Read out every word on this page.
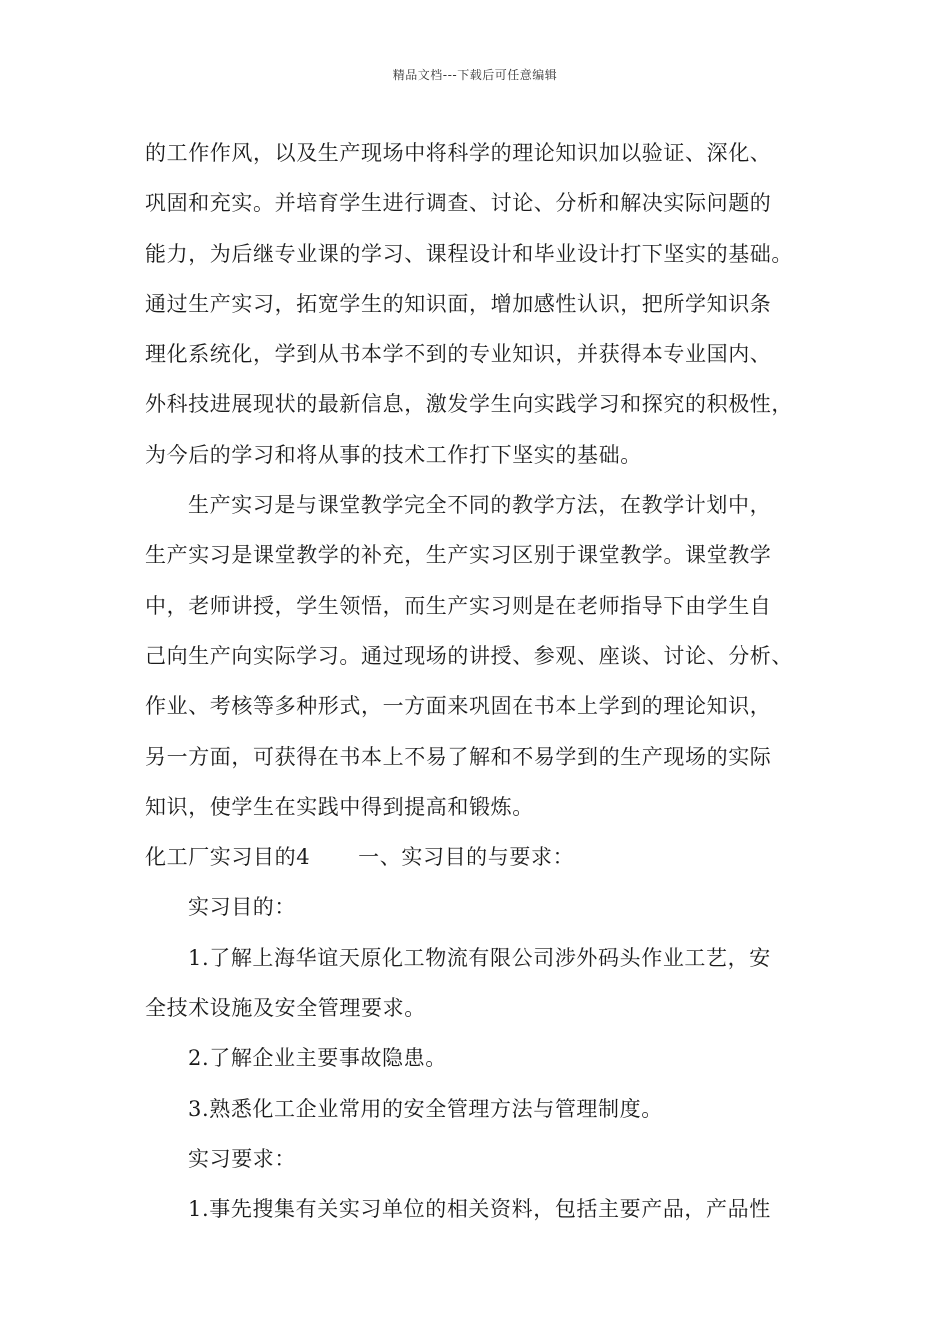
精品文档---下载后可任意编辑
的工作作风，以及生产现场中将科学的理论知识加以验证、深化、
巩固和充实。并培育学生进行调查、讨论、分析和解决实际问题的
能力，为后继专业课的学习、课程设计和毕业设计打下坚实的基础。
通过生产实习，拓宽学生的知识面，增加感性认识，把所学知识条
理化系统化，学到从书本学不到的专业知识，并获得本专业国内、
外科技进展现状的最新信息，激发学生向实践学习和探究的积极性，
为今后的学习和将从事的技术工作打下坚实的基础。
生产实习是与课堂教学完全不同的教学方法，在教学计划中，
生产实习是课堂教学的补充，生产实习区别于课堂教学。课堂教学
中，老师讲授，学生领悟，而生产实习则是在老师指导下由学生自
己向生产向实际学习。通过现场的讲授、参观、座谈、讨论、分析、
作业、考核等多种形式，一方面来巩固在书本上学到的理论知识，
另一方面，可获得在书本上不易了解和不易学到的生产现场的实际
知识，使学生在实践中得到提高和锻炼。
化工厂实习目的4 一、实习目的与要求：
实习目的：
1.了解上海华谊天原化工物流有限公司涉外码头作业工艺，安
全技术设施及安全管理要求。
2.了解企业主要事故隐患。
3.熟悉化工企业常用的安全管理方法与管理制度。
实习要求：
1.事先搜集有关实习单位的相关资料，包括主要产品，产品性
